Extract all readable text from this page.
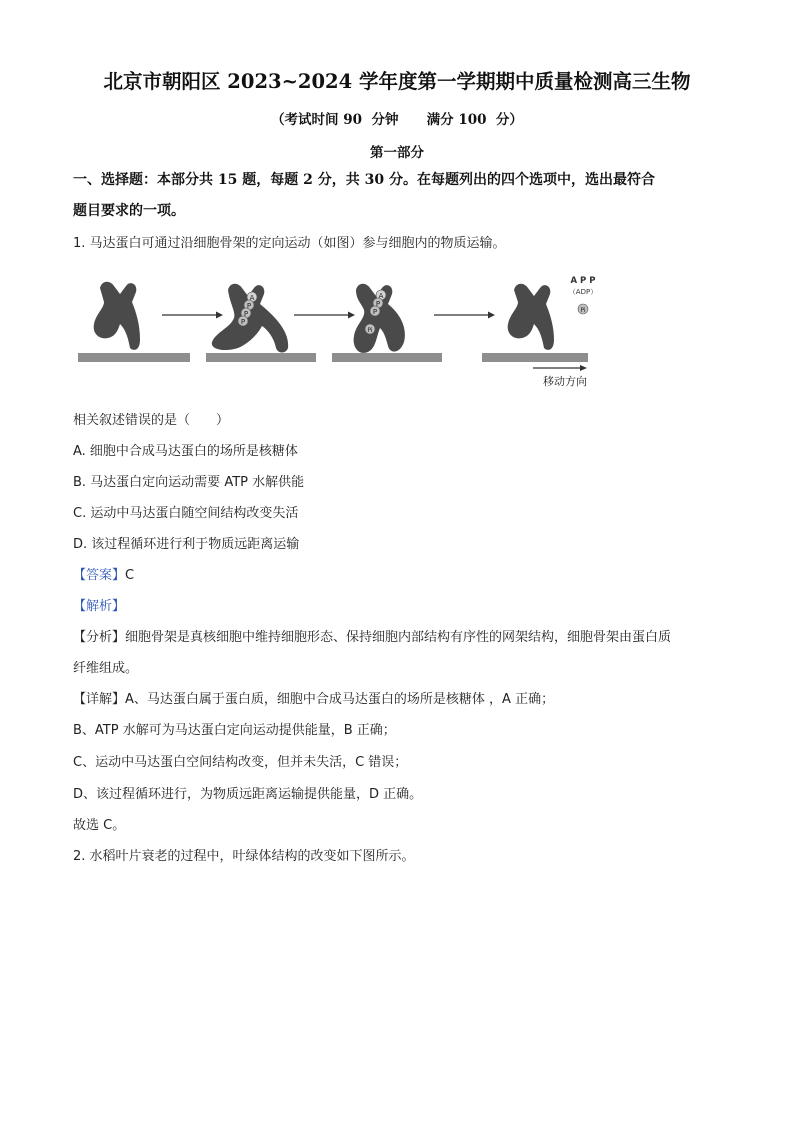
北京市朝阳区 2023~2024 学年度第一学期期中质量检测高三生物
（考试时间 90  分钟      满分 100  分）
第一部分
一、选择题：本部分共 15 题，每题 2 分，共 30 分。在每题列出的四个选项中，选出最符合
题目要求的一项。
1. 马达蛋白可通过沿细胞骨架的定向运动（如图）参与细胞内的物质运输。
A
P
P
P
A
P
P
Pi
A P P
（ADP）
Pi
移动方向
相关叙述错误的是（　　）
A. 细胞中合成马达蛋白的场所是核糖体
B. 马达蛋白定向运动需要 ATP 水解供能
C. 运动中马达蛋白随空间结构改变失活
D. 该过程循环进行利于物质远距离运输
【答案】C
【解析】
【分析】细胞骨架是真核细胞中维持细胞形态、保持细胞内部结构有序性的网架结构，细胞骨架由蛋白质
纤维组成。
【详解】A、马达蛋白属于蛋白质，细胞中合成马达蛋白的场所是核糖体 ，A 正确；
B、ATP 水解可为马达蛋白定向运动提供能量，B 正确；
C、运动中马达蛋白空间结构改变，但并未失活，C 错误；
D、该过程循环进行，为物质远距离运输提供能量，D 正确。
故选 C。
2. 水稻叶片衰老的过程中，叶绿体结构的改变如下图所示。
